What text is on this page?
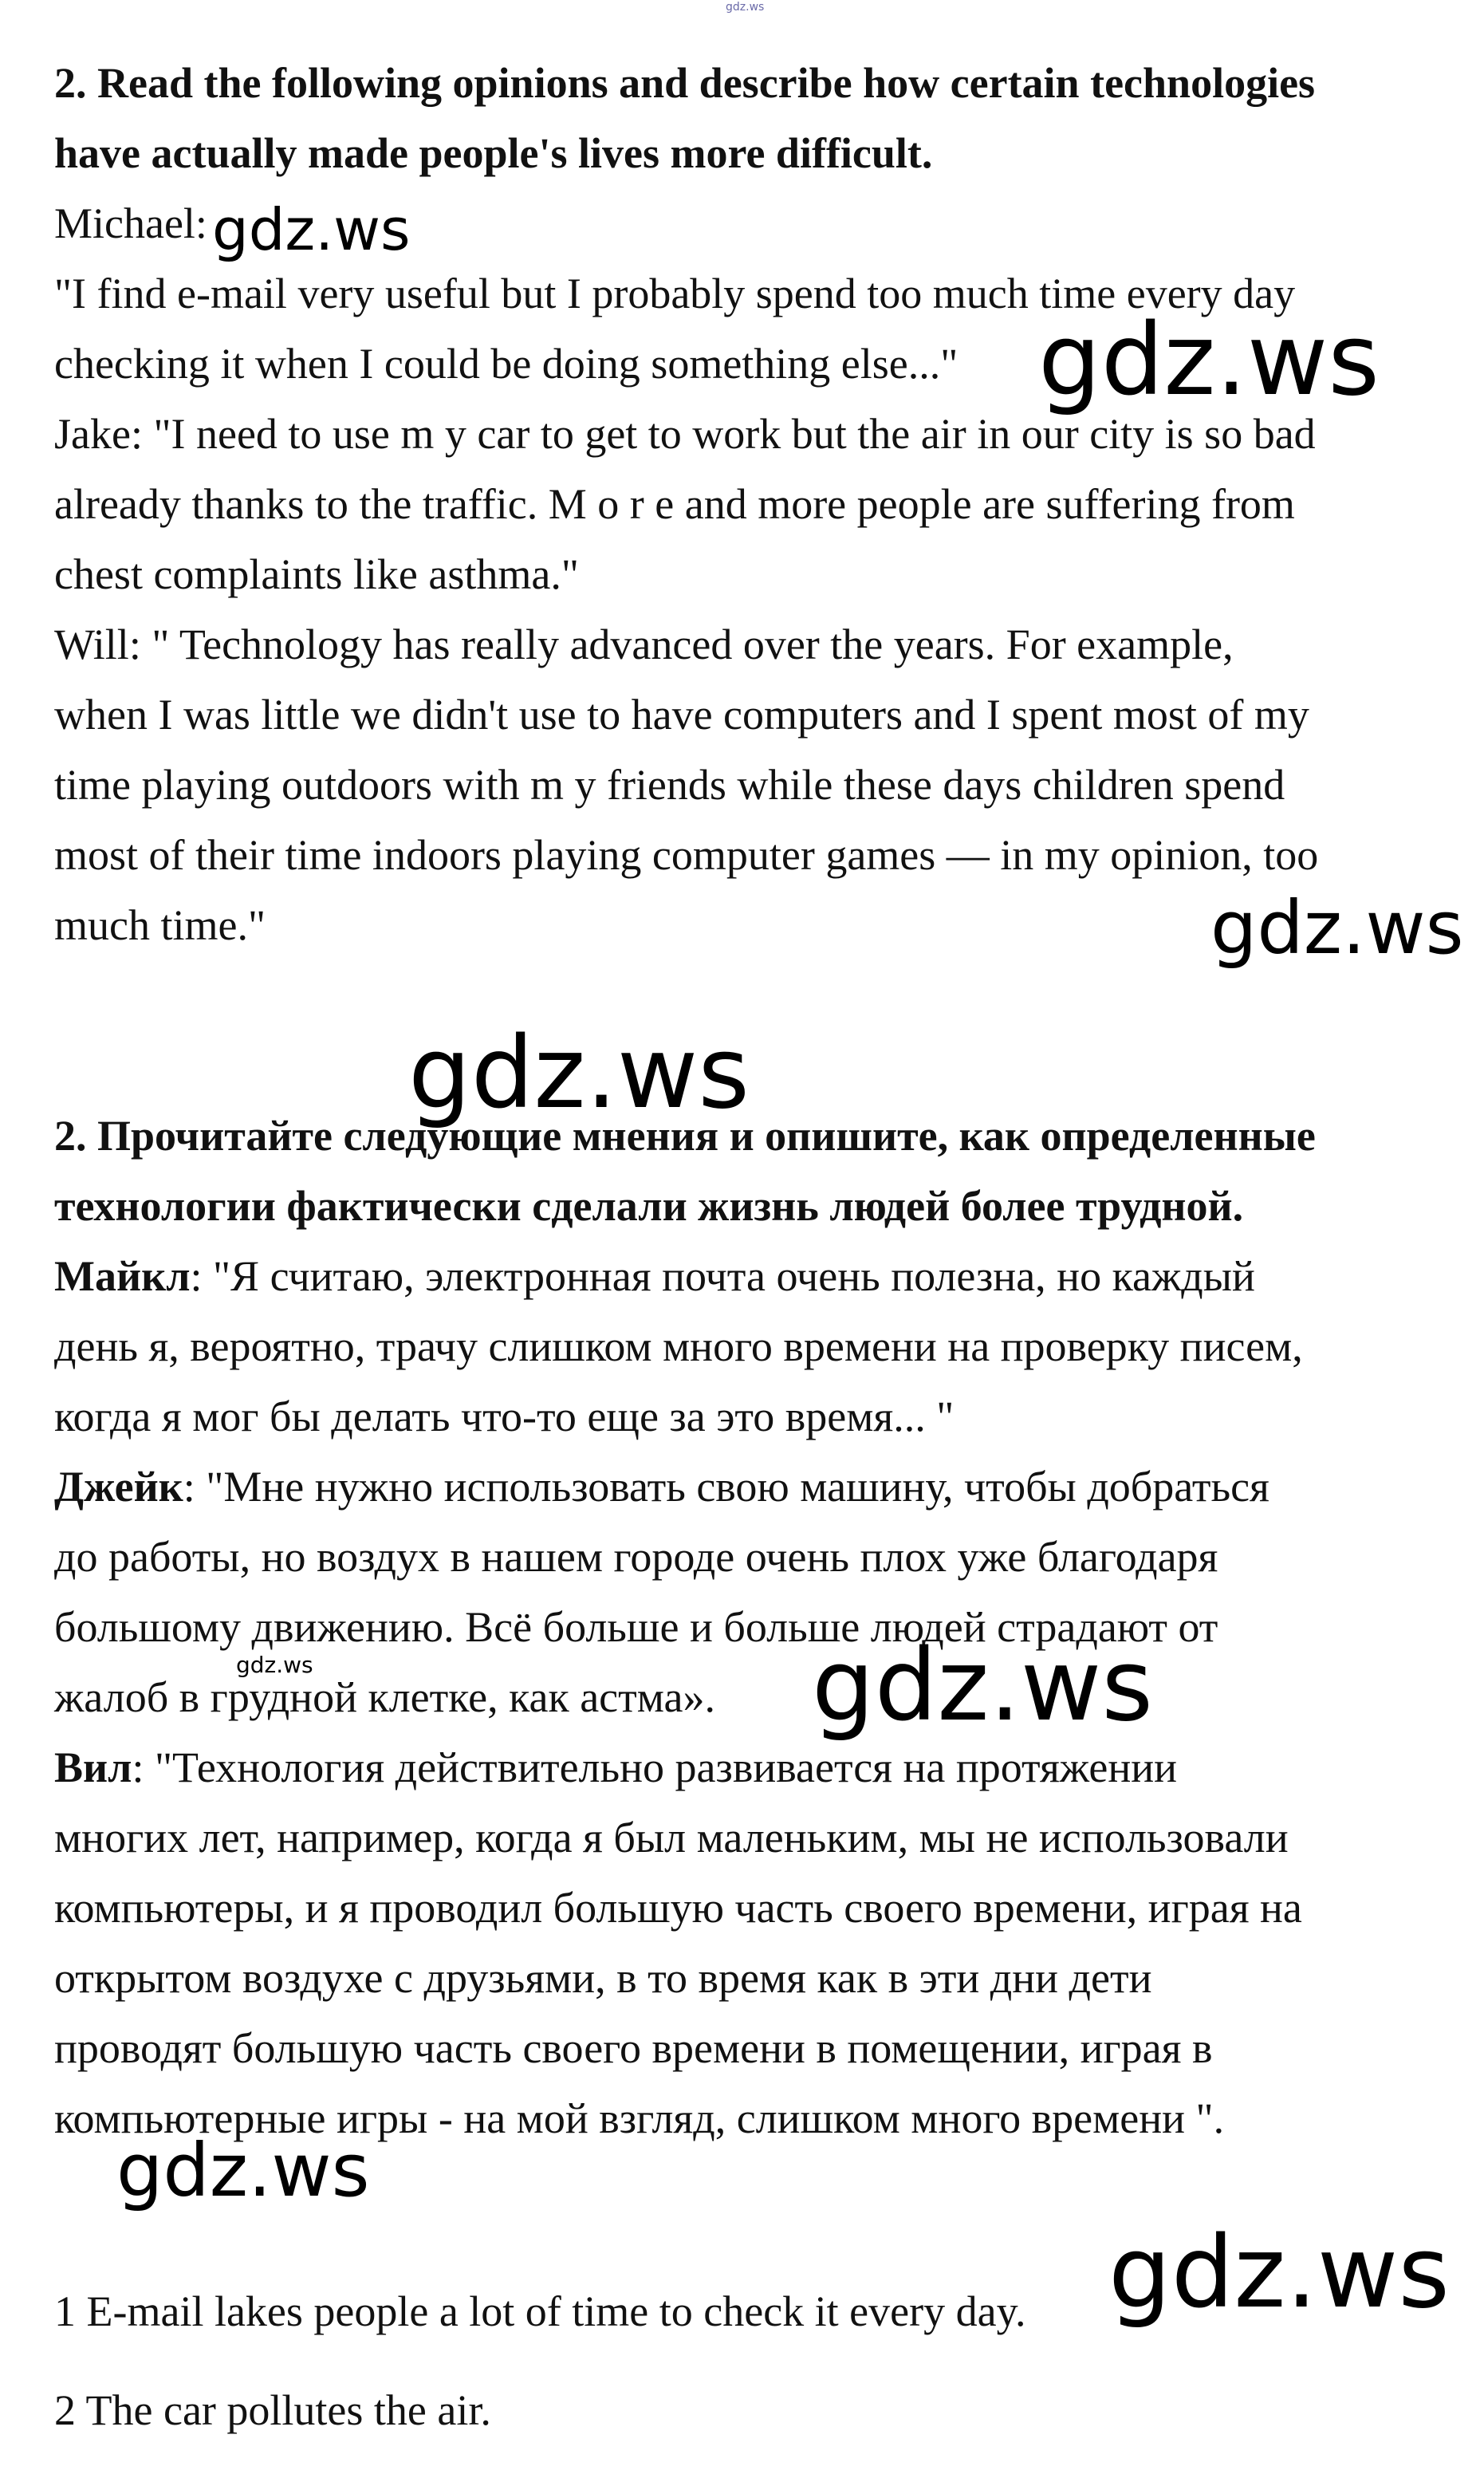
gdz.ws
2. Read the following opinions and describe how certain technologies
have actually made people's lives more difficult.
Michael:
"I find e-mail very useful but I probably spend too much time every day
checking it when I could be doing something else..."
Jake: "I need to use m y car to get to work but the air in our city is so bad
already thanks to the traffic. M o r e and more people are suffering from
chest complaints like asthma."
Will: " Technology has really advanced over the years. For example,
when I was little we didn't use to have computers and I spent most of my
time playing outdoors with m y friends while these days children spend
most of their time indoors playing computer games — in my opinion, too
much time."
2. Прочитайте следующие мнения и опишите, как определенные
технологии фактически сделали жизнь людей более трудной.
Майкл: "Я считаю, электронная почта очень полезна, но каждый
день я, вероятно, трачу слишком много времени на проверку писем,
когда я мог бы делать что-то еще за это время... "
Джейк: "Мне нужно использовать свою машину, чтобы добраться
до работы, но воздух в нашем городе очень плох уже благодаря
большому движению. Всё больше и больше людей страдают от
жалоб в грудной клетке, как астма».
Вил: "Технология действительно развивается на протяжении
многих лет, например, когда я был маленьким, мы не использовали
компьютеры, и я проводил большую часть своего времени, играя на
открытом воздухе с друзьями, в то время как в эти дни дети
проводят большую часть своего времени в помещении, играя в
компьютерные игры - на мой взгляд, слишком много времени ".
1 E-mail lakes people a lot of time to check it every day.
2 The car pollutes the air.
gdz.ws
gdz.ws
gdz.ws
gdz.ws
gdz.ws	gdz.ws
gdz.ws
gdz.ws
